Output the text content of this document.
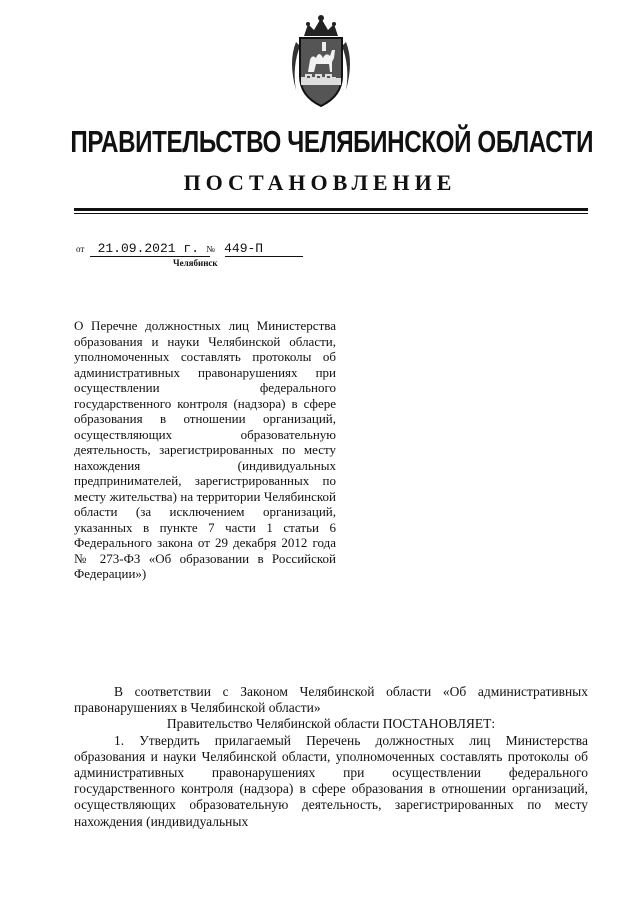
ПРАВИТЕЛЬСТВО ЧЕЛЯБИНСКОЙ ОБЛАСТИ
ПОСТАНОВЛЕНИЕ
от 21.09.2021 г. № 449-П
Челябинск
О Перечне должностных лиц Министерства образования и науки Челябинской области, уполномоченных составлять протоколы об административных правонарушениях при осуществлении федерального государственного контроля (надзора) в сфере образования в отношении организаций, осуществляющих образовательную деятельность, зарегистрированных по месту нахождения (индивидуальных предпринимателей, зарегистрированных по месту жительства) на территории Челябинской области (за исключением организаций, указанных в пункте 7 части 1 статьи 6 Федерального закона от 29 декабря 2012 года № 273-ФЗ «Об образовании в Российской Федерации»)

В соответствии с Законом Челябинской области «Об административных правонарушениях в Челябинской области»

Правительство Челябинской области ПОСТАНОВЛЯЕТ:

1. Утвердить прилагаемый Перечень должностных лиц Министерства образования и науки Челябинской области, уполномоченных составлять протоколы об административных правонарушениях при осуществлении федерального государственного контроля (надзора) в сфере образования в отношении организаций, осуществляющих образовательную деятельность, зарегистрированных по месту нахождения (индивидуальных
